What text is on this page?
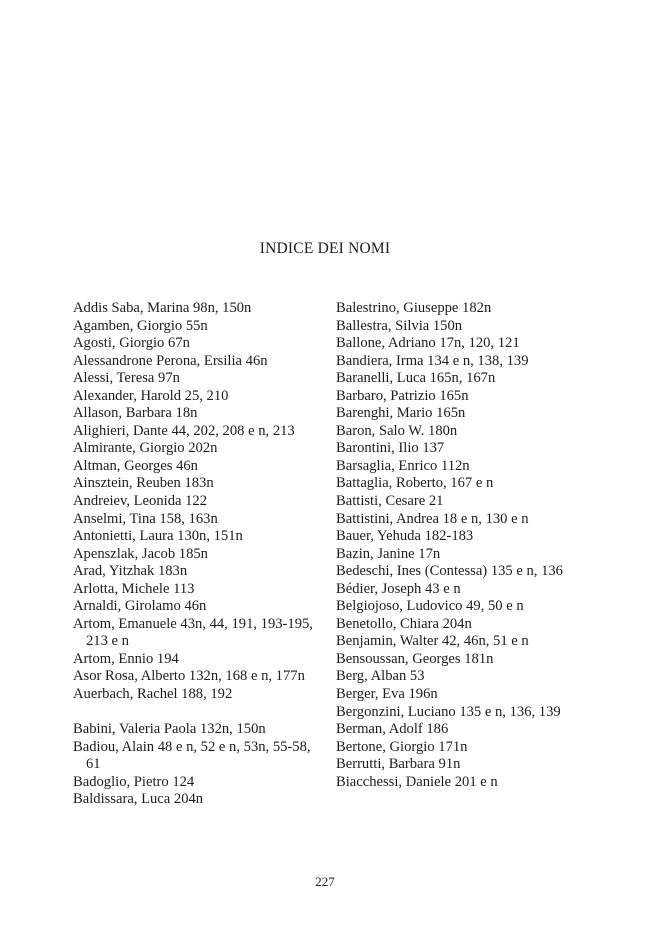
INDICE DEI NOMI
Addis Saba, Marina 98n, 150n
Agamben, Giorgio 55n
Agosti, Giorgio 67n
Alessandrone Perona, Ersilia 46n
Alessi, Teresa 97n
Alexander, Harold 25, 210
Allason, Barbara 18n
Alighieri, Dante 44, 202, 208 e n, 213
Almirante, Giorgio 202n
Altman, Georges 46n
Ainsztein, Reuben 183n
Andreiev, Leonida 122
Anselmi, Tina 158, 163n
Antonietti, Laura 130n, 151n
Apenszlak, Jacob 185n
Arad, Yitzhak 183n
Arlotta, Michele 113
Arnaldi, Girolamo 46n
Artom, Emanuele 43n, 44, 191, 193-195, 213 e n
Artom, Ennio 194
Asor Rosa, Alberto 132n, 168 e n, 177n
Auerbach, Rachel 188, 192
Babini, Valeria Paola 132n, 150n
Badiou, Alain 48 e n, 52 e n, 53n, 55-58, 61
Badoglio, Pietro 124
Baldissara, Luca 204n
Balestrino, Giuseppe 182n
Ballestra, Silvia 150n
Ballone, Adriano 17n, 120, 121
Bandiera, Irma 134 e n, 138, 139
Baranelli, Luca 165n, 167n
Barbaro, Patrizio 165n
Barenghi, Mario 165n
Baron, Salo W. 180n
Barontini, Ilio 137
Barsaglia, Enrico 112n
Battaglia, Roberto, 167 e n
Battisti, Cesare 21
Battistini, Andrea 18 e n, 130 e n
Bauer, Yehuda 182-183
Bazin, Janine 17n
Bedeschi, Ines (Contessa) 135 e n, 136
Bédier, Joseph 43 e n
Belgiojoso, Ludovico 49, 50 e n
Benetollo, Chiara 204n
Benjamin, Walter 42, 46n, 51 e n
Bensoussan, Georges 181n
Berg, Alban 53
Berger, Eva 196n
Bergonzini, Luciano 135 e n, 136, 139
Berman, Adolf 186
Bertone, Giorgio 171n
Berrutti, Barbara 91n
Biacchessi, Daniele 201 e n
227
